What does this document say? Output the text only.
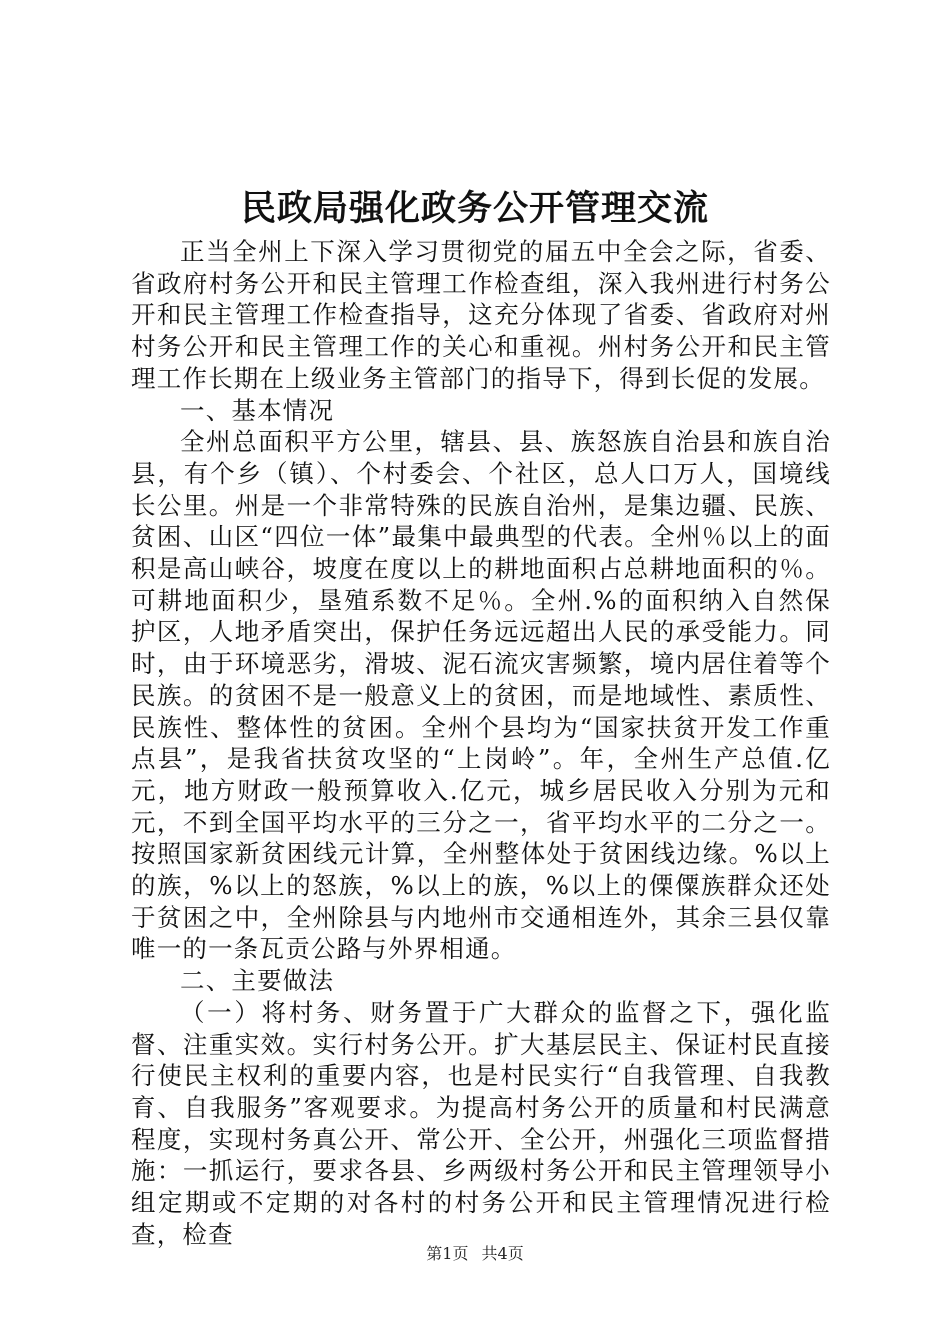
民政局强化政务公开管理交流

正当全州上下深入学习贯彻党的届五中全会之际，省委、省政府村务公开和民主管理工作检查组，深入我州进行村务公开和民主管理工作检查指导，这充分体现了省委、省政府对州村务公开和民主管理工作的关心和重视。州村务公开和民主管理工作长期在上级业务主管部门的指导下，得到长促的发展。

一、基本情况

全州总面积平方公里，辖县、县、族怒族自治县和族自治县，有个乡（镇）、个村委会、个社区，总人口万人，国境线长公里。州是一个非常特殊的民族自治州，是集边疆、民族、贫困、山区“四位一体”最集中最典型的代表。全州％以上的面积是高山峡谷，坡度在度以上的耕地面积占总耕地面积的％。可耕地面积少，垦殖系数不足％。全州.%的面积纳入自然保护区，人地矛盾突出，保护任务远远超出人民的承受能力。同时，由于环境恶劣，滑坡、泥石流灾害频繁，境内居住着等个民族。的贫困不是一般意义上的贫困，而是地域性、素质性、民族性、整体性的贫困。全州个县均为“国家扶贫开发工作重点县”，是我省扶贫攻坚的“上岗岭”。年，全州生产总值.亿元，地方财政一般预算收入.亿元，城乡居民收入分别为元和元，不到全国平均水平的三分之一，省平均水平的二分之一。按照国家新贫困线元计算，全州整体处于贫困线边缘。%以上的族，%以上的怒族，%以上的族，%以上的傈僳族群众还处于贫困之中，全州除县与内地州市交通相连外，其余三县仅靠唯一的一条瓦贡公路与外界相通。

二、主要做法

（一）将村务、财务置于广大群众的监督之下，强化监督、注重实效。实行村务公开。扩大基层民主、保证村民直接行使民主权利的重要内容，也是村民实行“自我管理、自我教育、自我服务”客观要求。为提高村务公开的质量和村民满意程度，实现村务真公开、常公开、全公开，州强化三项监督措施：一抓运行，要求各县、乡两级村务公开和民主管理领导小组定期或不定期的对各村的村务公开和民主管理情况进行检查，检查

第1页 共4页
